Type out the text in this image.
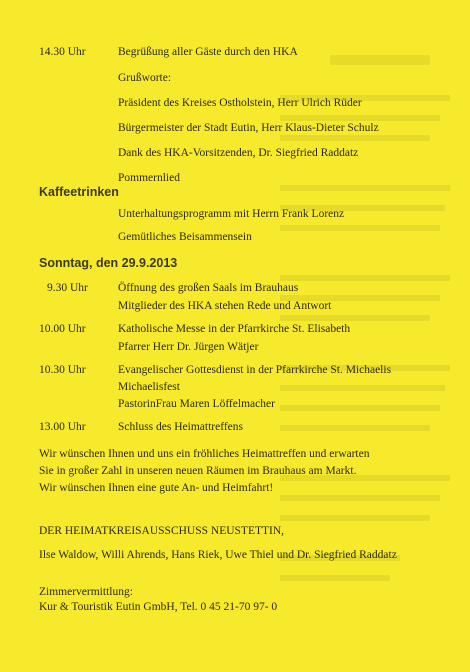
14.30 Uhr	Begrüßung aller Gäste durch den HKA
Grußworte:
Präsident des Kreises Ostholstein, Herr Ulrich Rüder
Bürgermeister der Stadt Eutin, Herr Klaus-Dieter Schulz
Dank des HKA-Vorsitzenden, Dr. Siegfried Raddatz
Pommernlied
Kaffeetrinken
Unterhaltungsprogramm mit Herrn Frank Lorenz
Gemütliches Beisammensein
Sonntag, den 29.9.2013
9.30 Uhr	Öffnung des großen Saals im Brauhaus
Mitglieder des HKA stehen Rede und Antwort
10.00 Uhr	Katholische Messe in der Pfarrkirche St. Elisabeth
Pfarrer Herr Dr. Jürgen Wätjer
10.30 Uhr	Evangelischer Gottesdienst in der Pfarrkirche St. Michaelis
Michaelisfest
PastorinFrau Maren Löffelmacher
13.00 Uhr	Schluss des Heimattreffens
Wir wünschen Ihnen und uns ein fröhliches Heimattreffen und erwarten
Sie in großer Zahl in unseren neuen Räumen im Brauhaus am Markt.
Wir wünschen Ihnen eine gute An- und Heimfahrt!
DER HEIMATKREISAUSSCHUSS NEUSTETTIN,
Ilse Waldow, Willi Ahrends, Hans Riek, Uwe Thiel und Dr. Siegfried Raddatz
Zimmervermittlung:
Kur & Touristik Eutin GmbH, Tel. 0 45 21-70 97- 0
